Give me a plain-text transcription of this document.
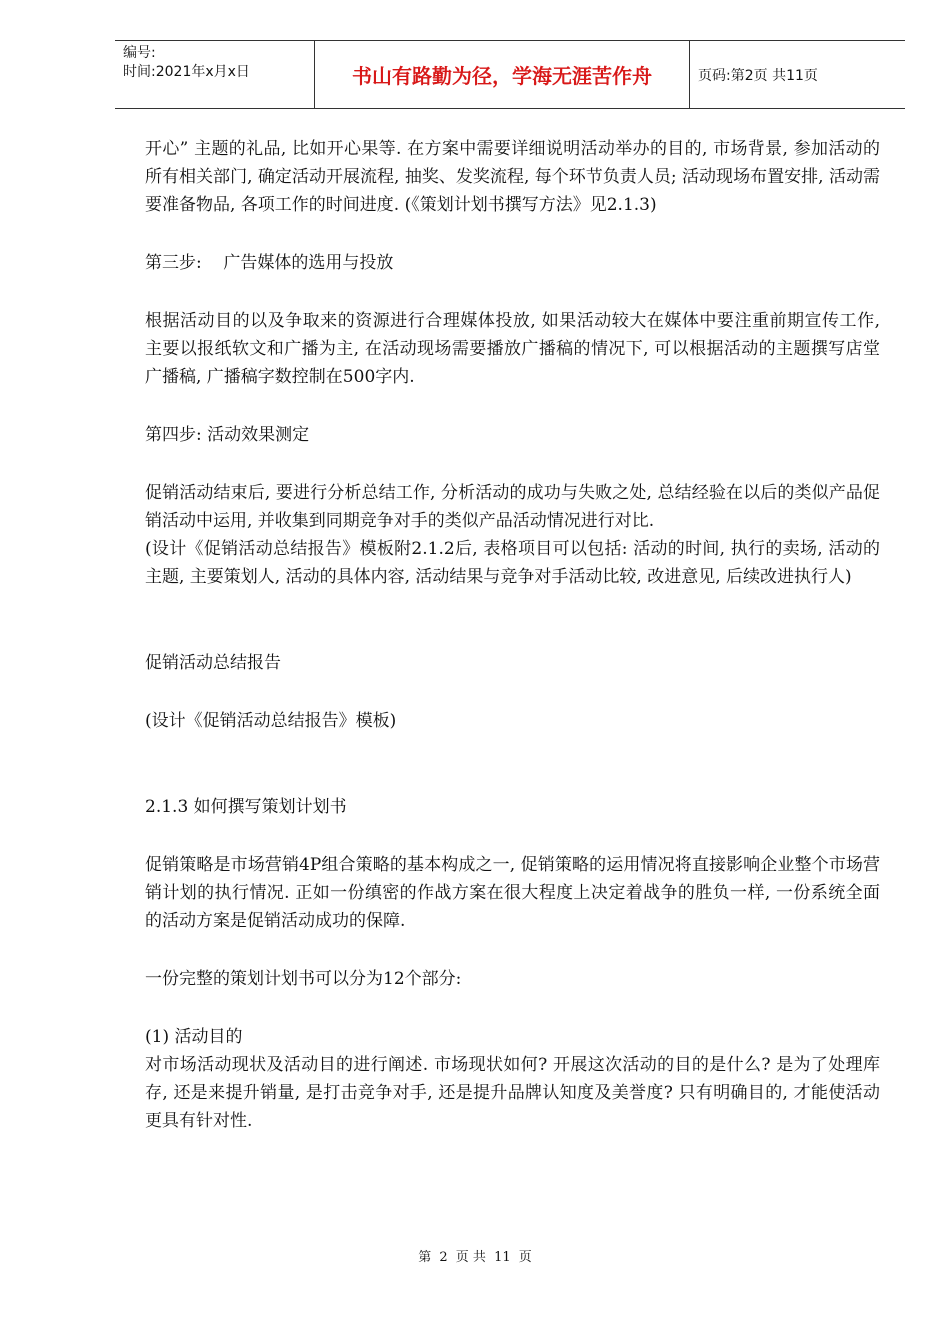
编号:
时间:2021年x月x日	书山有路勤为径，学海无涯苦作舟	页码:第2页 共11页

开心” 主题的礼品, 比如开心果等. 在方案中需要详细说明活动举办的目的, 市场背景, 参加活动的所有相关部门, 确定活动开展流程, 抽奖、发奖流程, 每个环节负责人员; 活动现场布置安排, 活动需要准备物品, 各项工作的时间进度. (《策划计划书撰写方法》见2.1.3)

第三步:    广告媒体的选用与投放

根据活动目的以及争取来的资源进行合理媒体投放, 如果活动较大在媒体中要注重前期宣传工作, 主要以报纸软文和广播为主, 在活动现场需要播放广播稿的情况下, 可以根据活动的主题撰写店堂广播稿, 广播稿字数控制在500字内.

第四步: 活动效果测定

促销活动结束后, 要进行分析总结工作, 分析活动的成功与失败之处, 总结经验在以后的类似产品促销活动中运用, 并收集到同期竞争对手的类似产品活动情况进行对比.

(设计《促销活动总结报告》模板附2.1.2后, 表格项目可以包括: 活动的时间, 执行的卖场, 活动的主题, 主要策划人, 活动的具体内容, 活动结果与竞争对手活动比较, 改进意见, 后续改进执行人)

促销活动总结报告

(设计《促销活动总结报告》模板)

2.1.3 如何撰写策划计划书

促销策略是市场营销4P组合策略的基本构成之一, 促销策略的运用情况将直接影响企业整个市场营销计划的执行情况. 正如一份缜密的作战方案在很大程度上决定着战争的胜负一样, 一份系统全面的活动方案是促销活动成功的保障.

一份完整的策划计划书可以分为12个部分:

(1) 活动目的

对市场活动现状及活动目的进行阐述. 市场现状如何? 开展这次活动的目的是什么? 是为了处理库存, 还是来提升销量, 是打击竞争对手, 还是提升品牌认知度及美誉度? 只有明确目的, 才能使活动更具有针对性.

第 2 页 共 11 页
